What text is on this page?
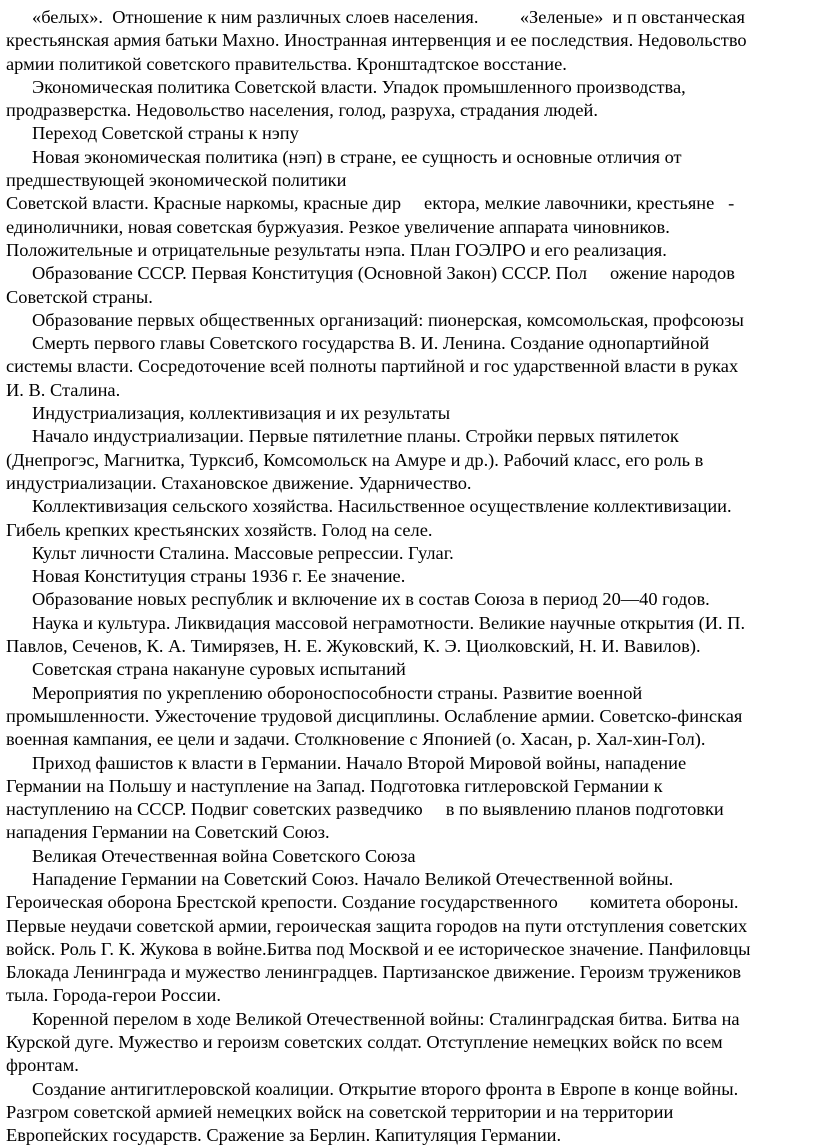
«белых».  Отношение к ним различных слоев населения.         «Зеленые»  и п овстанческая
крестьянская армия батьки Махно. Иностранная интервенция и ее последствия. Недовольство
армии политикой советского правительства. Кронштадтское восстание.
Экономическая политика Советской власти. Упадок промышленного производства,
продразверстка. Недовольство населения, голод, разруха, страдания людей.
Переход Советской страны к нэпу
Новая экономическая политика (нэп) в стране, ее сущность и основные отличия от
предшествующей экономической политики
Советской власти. Красные наркомы, красные дир     ектора, мелкие лавочники, крестьяне   -
единоличники, новая советская буржуазия. Резкое увеличение аппарата чиновников.
Положительные и отрицательные результаты нэпа. План ГОЭЛРО и его реализация.
Образование СССР. Первая Конституция (Основной Закон) СССР. Пол     ожение народов
Советской страны.
Образование первых общественных организаций: пионерская, комсомольская, профсоюзы
Смерть первого главы Советского государства В. И. Ленина. Создание однопартийной
системы власти. Сосредоточение всей полноты партийной и гос ударственной власти в руках
И. В. Сталина.
Индустриализация, коллективизация и их результаты
Начало индустриализации. Первые пятилетние планы. Стройки первых пятилеток
(Днепрогэс, Магнитка, Турксиб, Комсомольск на Амуре и др.). Рабочий класс, его роль в
индустриализации. Стахановское движение. Ударничество.
Коллективизация сельского хозяйства. Насильственное осуществление коллективизации.
Гибель крепких крестьянских хозяйств. Голод на селе.
Культ личности Сталина. Массовые репрессии. Гулаг.
Новая Конституция страны 1936 г. Ее значение.
Образование новых республик и включение их в состав Союза в период 20—40 годов.
Наука и культура. Ликвидация массовой неграмотности. Великие научные открытия (И. П.
Павлов, Сеченов, К. А. Тимирязев, Н. Е. Жуковский, К. Э. Циолковский, Н. И. Вавилов).
Советская страна накануне суровых испытаний
Мероприятия по укреплению обороноспособности страны. Развитие военной
промышленности. Ужесточение трудовой дисциплины. Ослабление армии. Советско-финская
военная кампания, ее цели и задачи. Столкновение с Японией (о. Хасан, р. Хал-хин-Гол).
Приход фашистов к власти в Германии. Начало Второй Мировой войны, нападение
Германии на Польшу и наступление на Запад. Подготовка гитлеровской Германии к
наступлению на СССР. Подвиг советских разведчико     в по выявлению планов подготовки
нападения Германии на Советский Союз.
Великая Отечественная война Советского Союза
Нападение Германии на Советский Союз. Начало Великой Отечественной войны.
Героическая оборона Брестской крепости. Создание государственного       комитета обороны.
Первые неудачи советской армии, героическая защита городов на пути отступления советских
войск. Роль Г. К. Жукова в войне.Битва под Москвой и ее историческое значение. Панфиловцы
Блокада Ленинграда и мужество ленинградцев. Партизанское движение. Героизм тружеников
тыла. Города-герои России.
Коренной перелом в ходе Великой Отечественной войны: Сталинградская битва. Битва на
Курской дуге. Мужество и героизм советских солдат. Отступление немецких войск по всем
фронтам.
Создание антигитлеровской коалиции. Открытие второго фронта в Европе в конце войны.
Разгром советской армией немецких войск на советской территории и на территории
Европейских государств. Сражение за Берлин. Капитуляция Германии.
